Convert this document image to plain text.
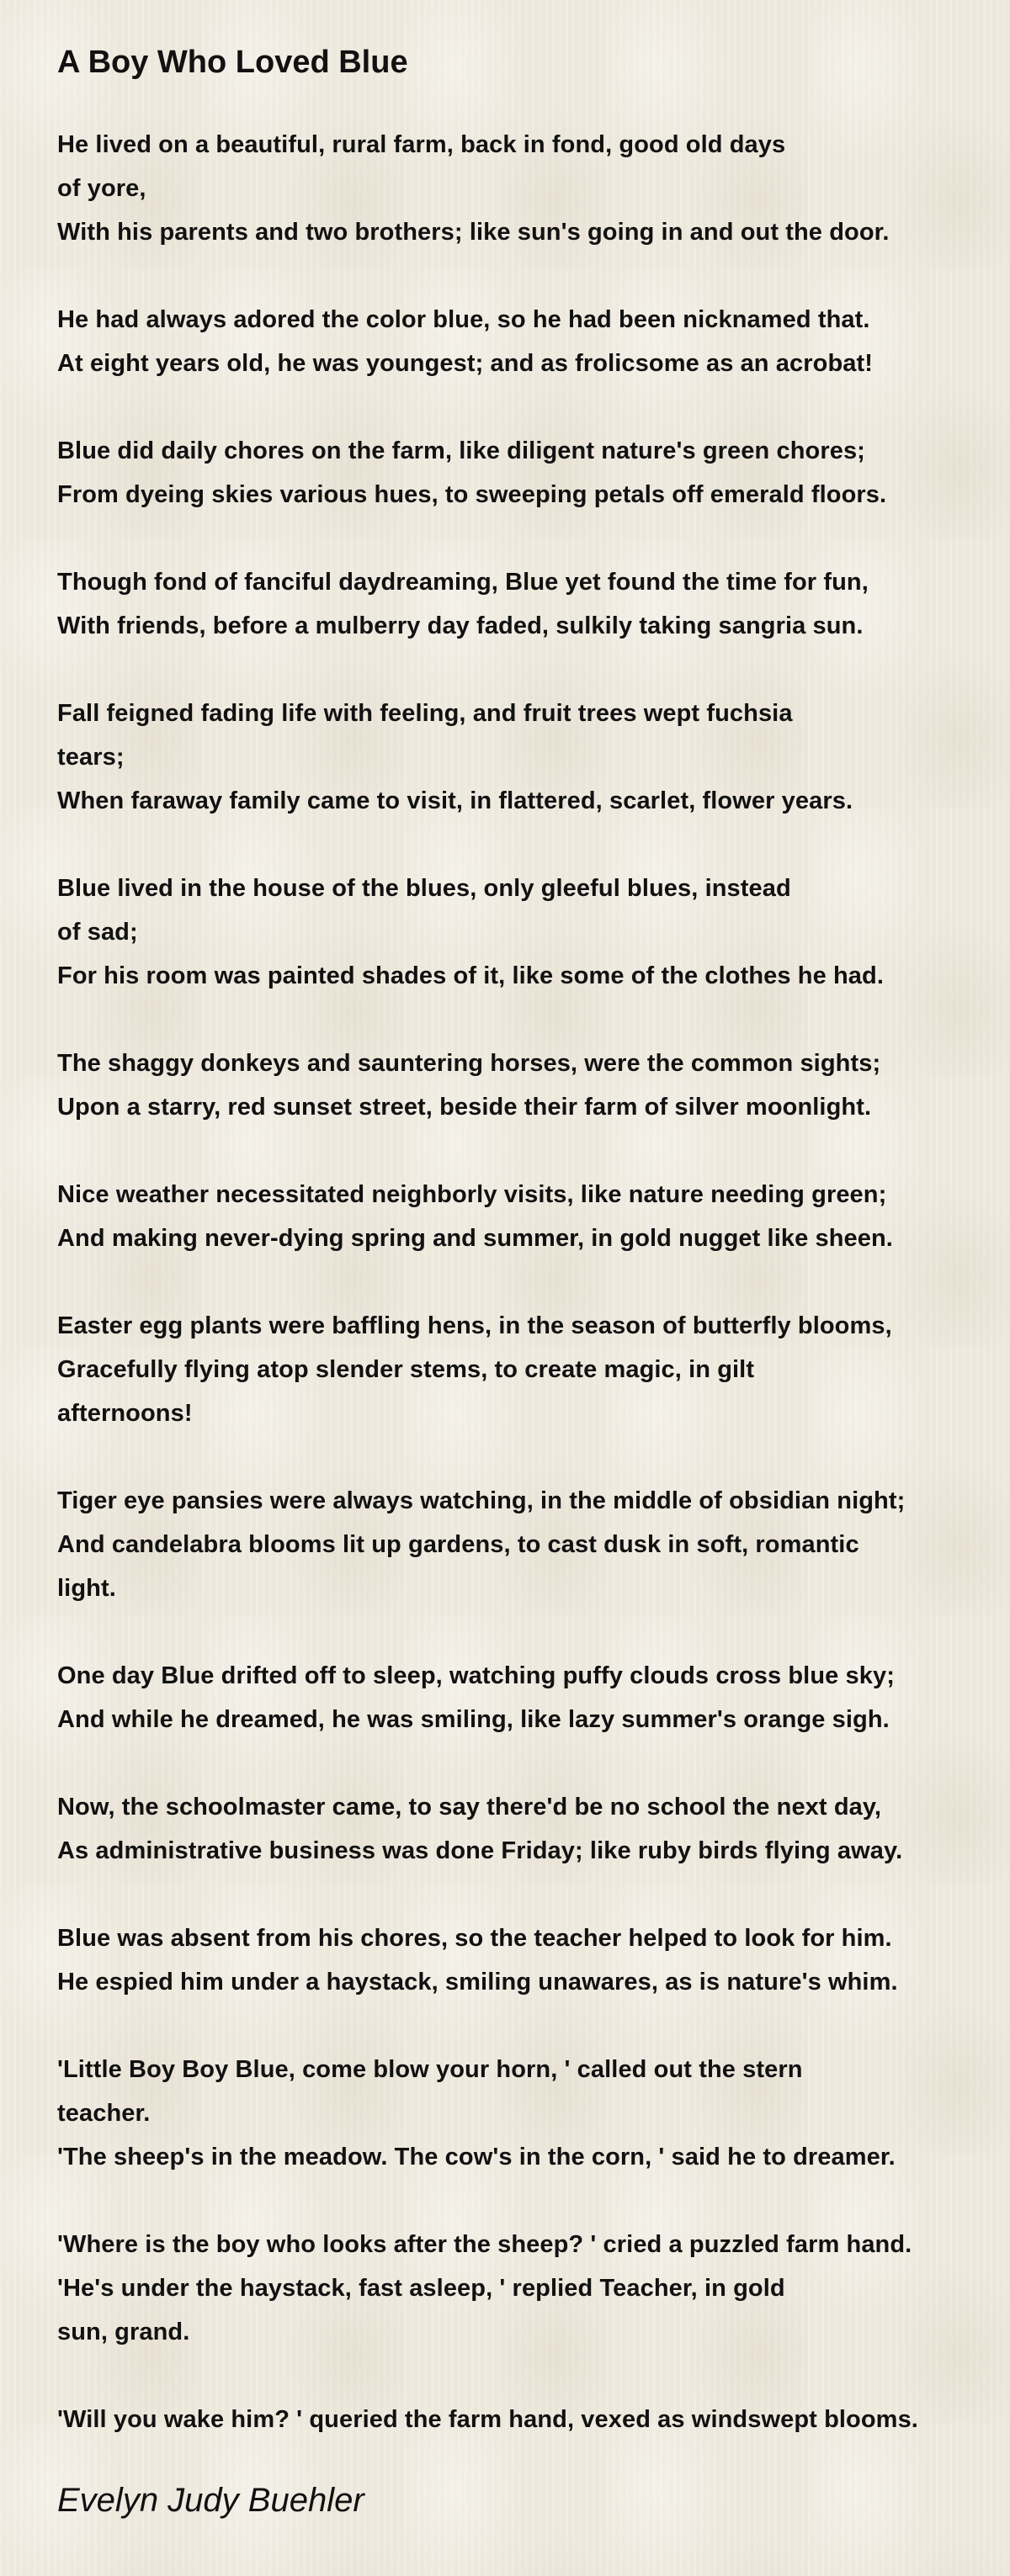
A Boy Who Loved Blue
He lived on a beautiful, rural farm, back in fond, good old days
of yore,
With his parents and two brothers; like sun's going in and out the door.
He had always adored the color blue, so he had been nicknamed that.
At eight years old, he was youngest; and as frolicsome as an acrobat!
Blue did daily chores on the farm, like diligent nature's green chores;
From dyeing skies various hues, to sweeping petals off emerald floors.
Though fond of fanciful daydreaming, Blue yet found the time for fun,
With friends, before a mulberry day faded, sulkily taking sangria sun.
Fall feigned fading life with feeling, and fruit trees wept fuchsia
tears;
When faraway family came to visit, in flattered, scarlet, flower years.
Blue lived in the house of the blues, only gleeful blues, instead
of sad;
For his room was painted shades of it, like some of the clothes he had.
The shaggy donkeys and sauntering horses, were the common sights;
Upon a starry, red sunset street, beside their farm of silver moonlight.
Nice weather necessitated neighborly visits, like nature needing green;
And making never-dying spring and summer, in gold nugget like sheen.
Easter egg plants were baffling hens, in the season of butterfly blooms,
Gracefully flying atop slender stems, to create magic, in gilt
afternoons!
Tiger eye pansies were always watching, in the middle of obsidian night;
And candelabra blooms lit up gardens, to cast dusk in soft, romantic
light.
One day Blue drifted off to sleep, watching puffy clouds cross blue sky;
And while he dreamed, he was smiling, like lazy summer's orange sigh.
Now, the schoolmaster came, to say there'd be no school the next day,
As administrative business was done Friday; like ruby birds flying away.
Blue was absent from his chores, so the teacher helped to look for him.
He espied him under a haystack, smiling unawares, as is nature's whim.
'Little Boy Boy Blue, come blow your horn, ' called out the stern
teacher.
'The sheep's in the meadow. The cow's in the corn, ' said he to dreamer.
'Where is the boy who looks after the sheep? ' cried a puzzled farm hand.
'He's under the haystack, fast asleep, ' replied Teacher, in gold
sun, grand.
'Will you wake him? ' queried the farm hand, vexed as windswept blooms.
Evelyn Judy Buehler
